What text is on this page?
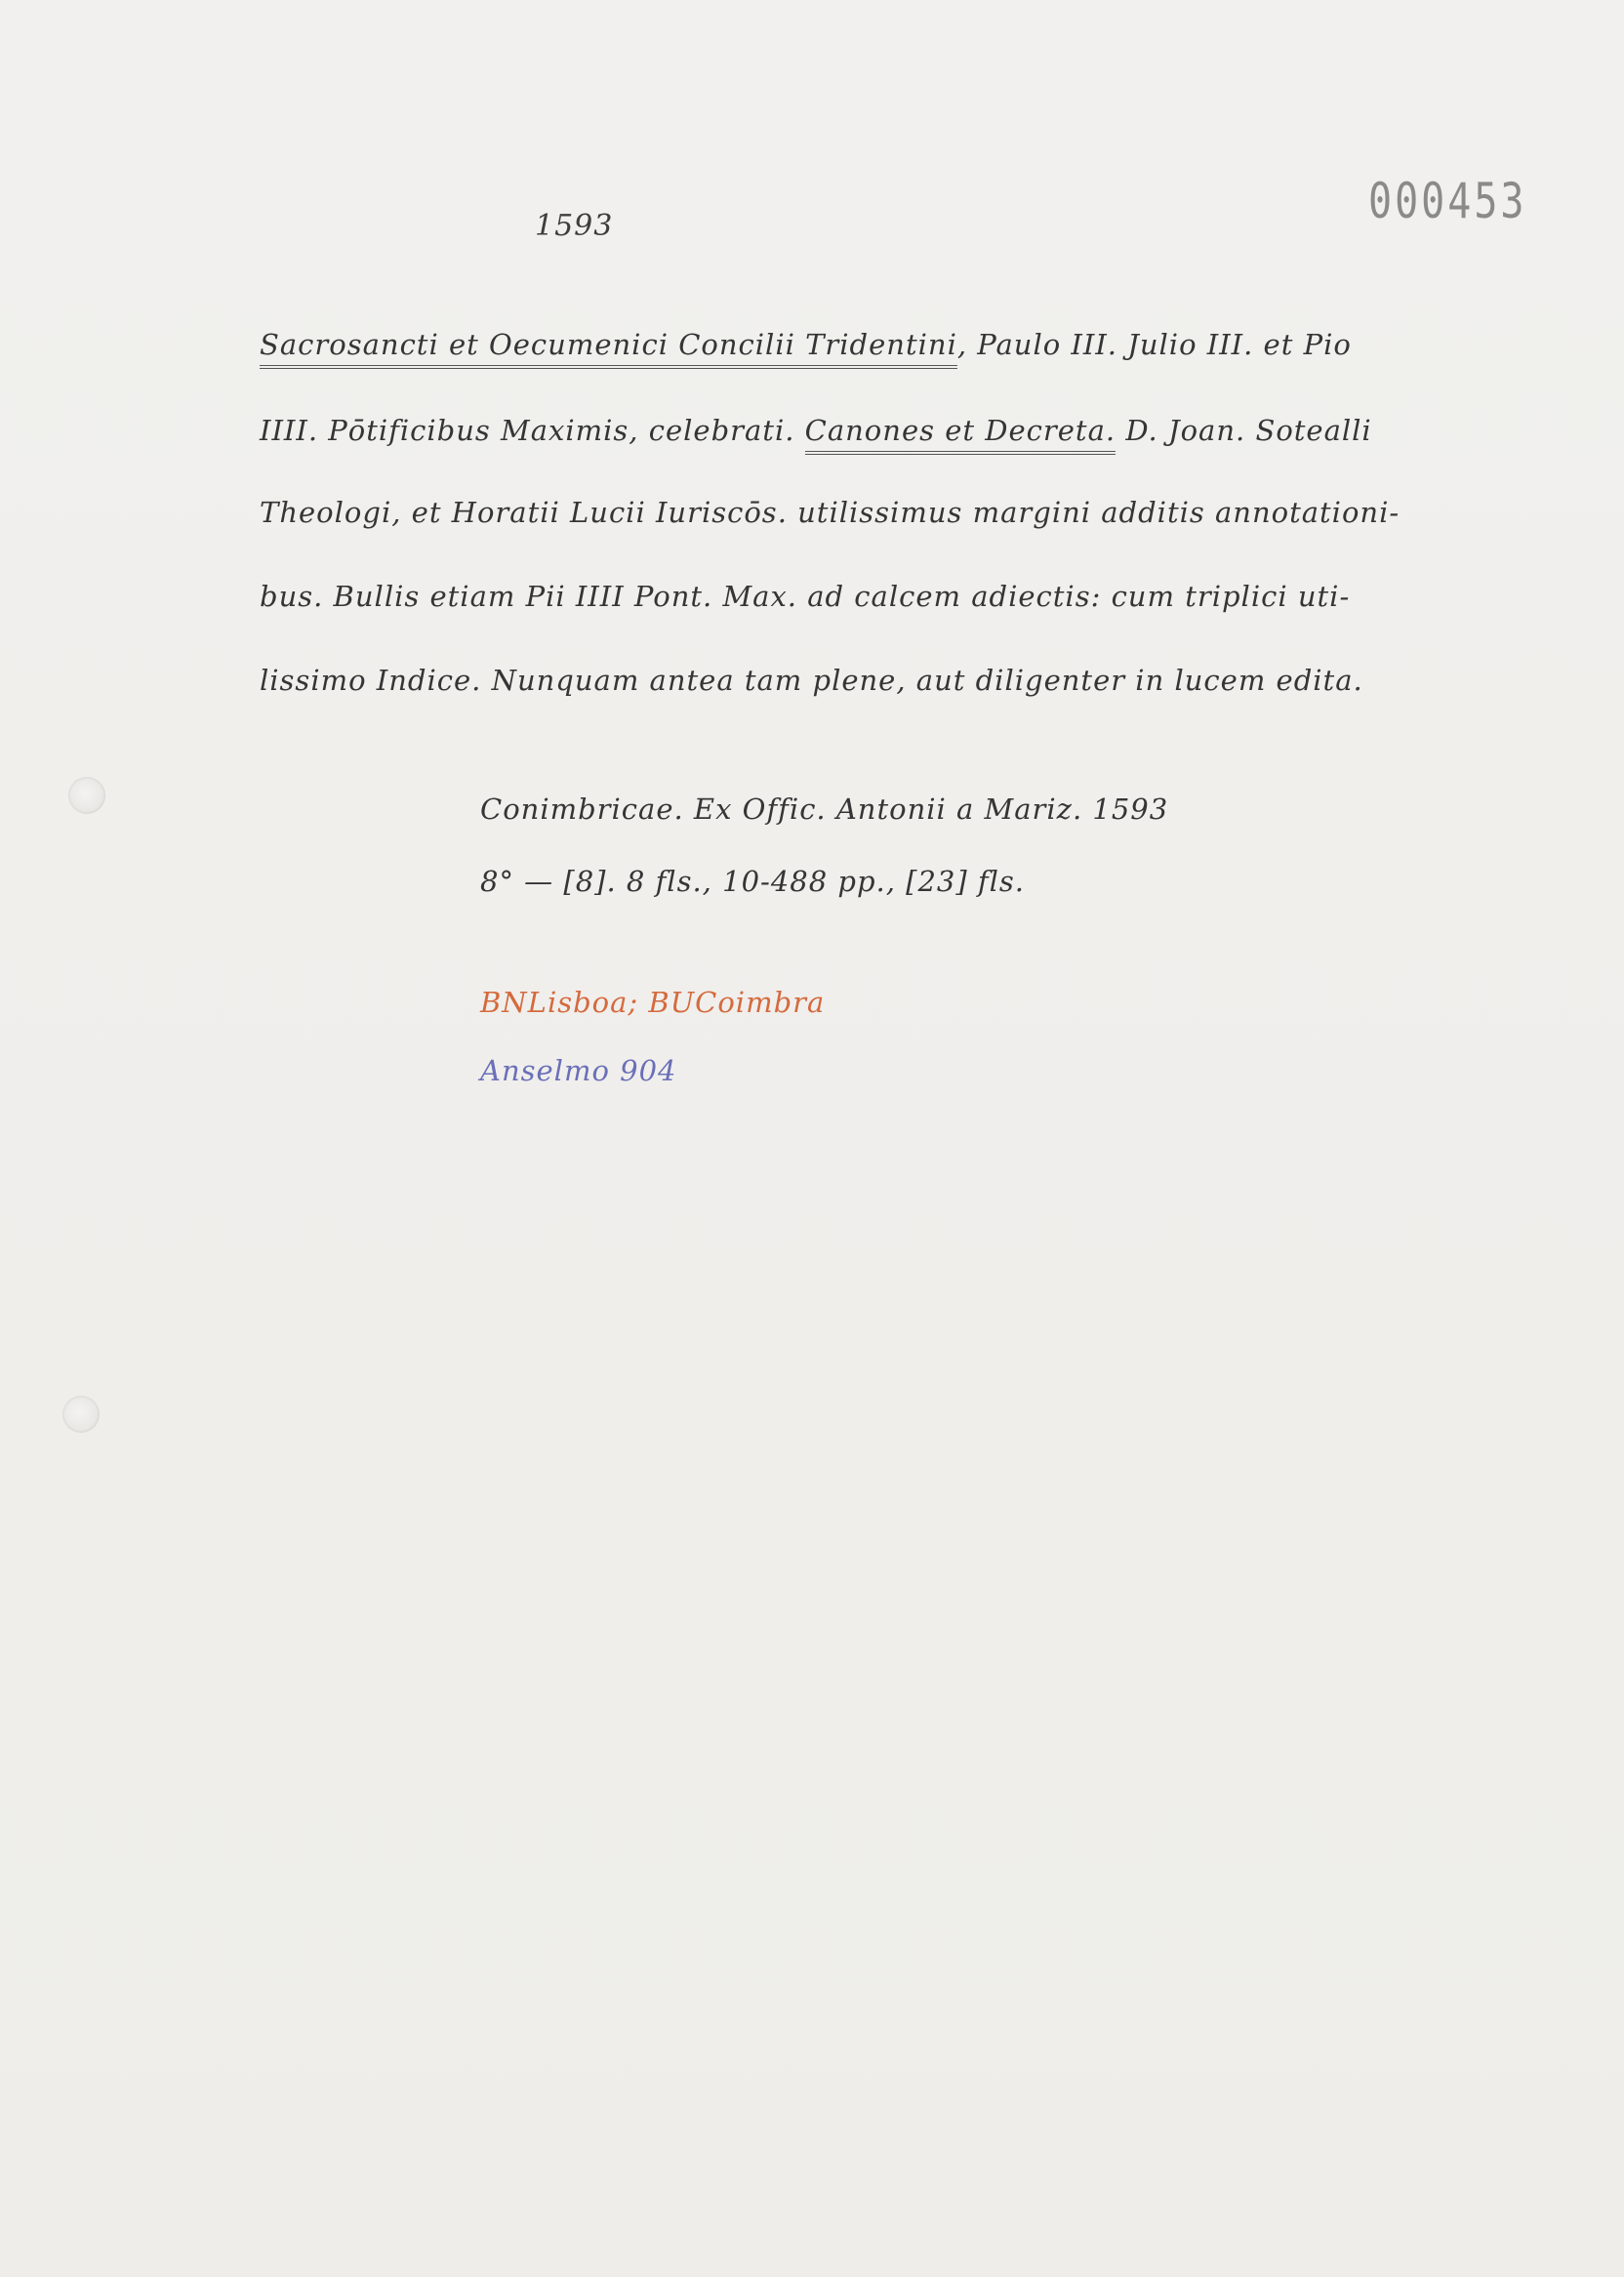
000453
1593
Sacrosancti et Oecumenici Concilii Tridentini, Paulo III. Julio III. et Pio
IIII. Pōtificibus Maximis, celebrati. Canones et Decreta. D. Joan. Sotealli
Theologi, et Horatii Lucii Iuriscōs. utilissimus margini additis annotationi-
bus. Bullis etiam Pii IIII Pont. Max. ad calcem adiectis: cum triplici uti-
lissimo Indice. Nunquam antea tam plene, aut diligenter in lucem edita.
Conimbricae. Ex Offic. Antonii a Mariz. 1593
8° — [8]. 8 fls., 10-488 pp., [23] fls.
BNLisboa; BUCoimbra
Anselmo 904
